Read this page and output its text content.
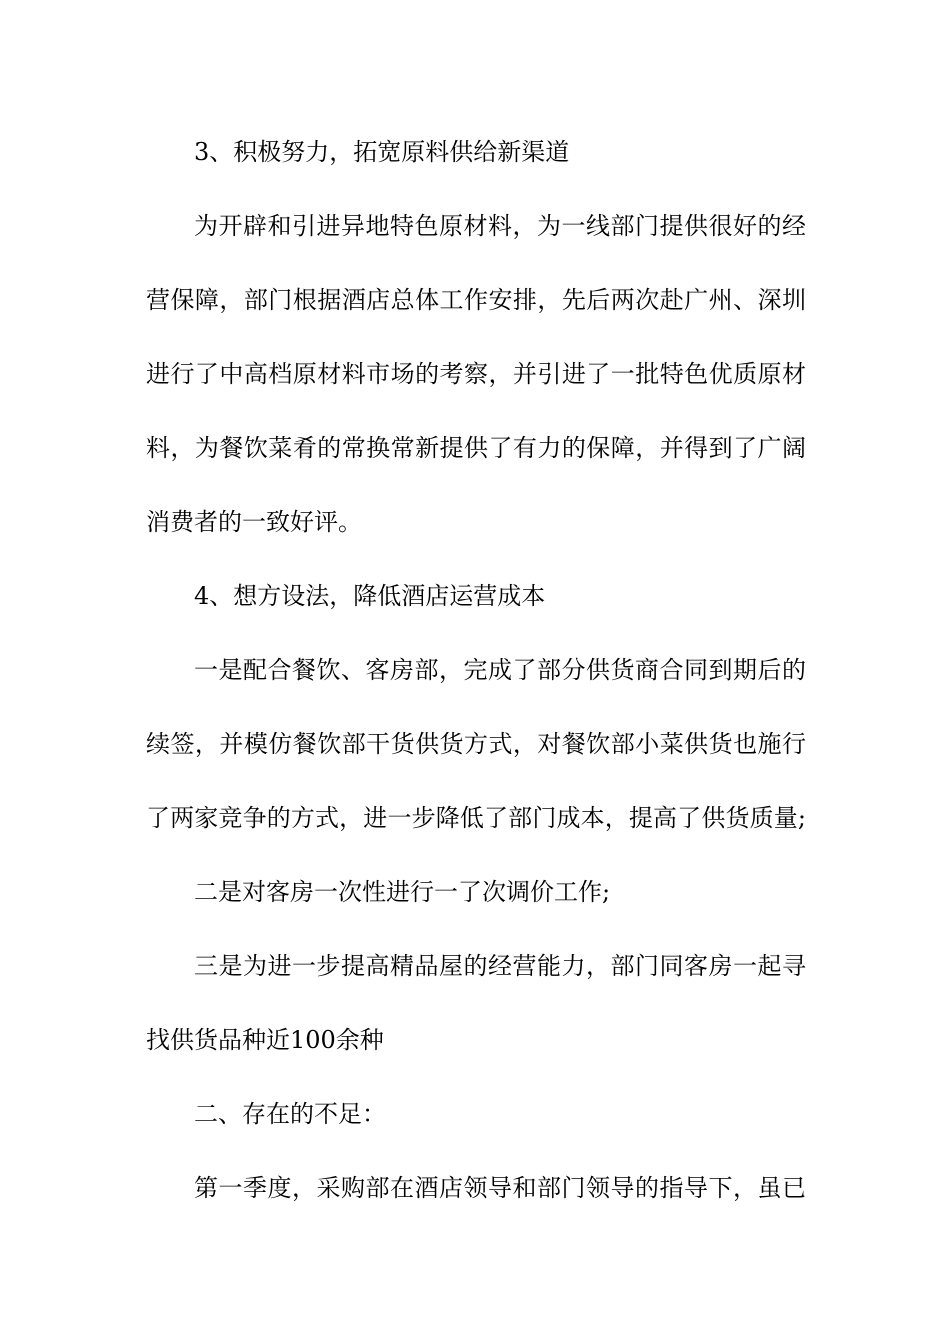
3、积极努力，拓宽原料供给新渠道
为开辟和引进异地特色原材料，为一线部门提供很好的经
营保障，部门根据酒店总体工作安排，先后两次赴广州、深圳
进行了中高档原材料市场的考察，并引进了一批特色优质原材
料，为餐饮菜肴的常换常新提供了有力的保障，并得到了广阔
消费者的一致好评。
4、想方设法，降低酒店运营成本
一是配合餐饮、客房部，完成了部分供货商合同到期后的
续签，并模仿餐饮部干货供货方式，对餐饮部小菜供货也施行
了两家竞争的方式，进一步降低了部门成本，提高了供货质量;
二是对客房一次性进行一了次调价工作;
三是为进一步提高精品屋的经营能力，部门同客房一起寻
找供货品种近100余种
二、存在的不足：
第一季度，采购部在酒店领导和部门领导的指导下，虽已
